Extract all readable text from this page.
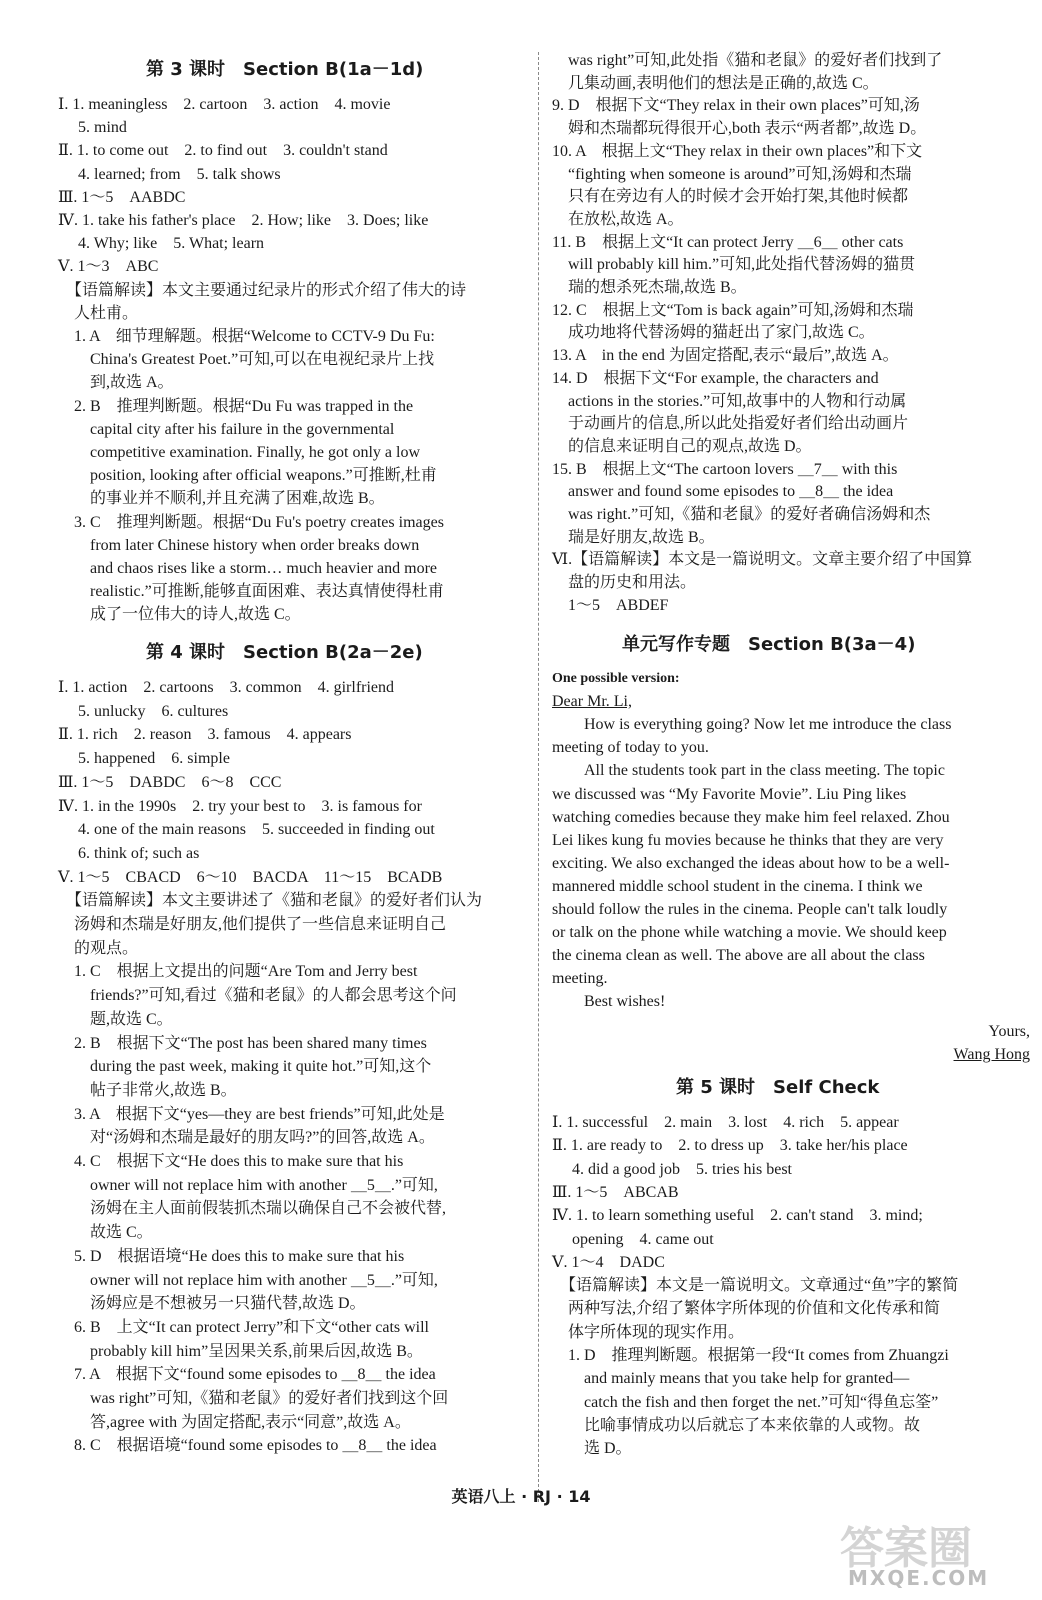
第 3 课时　Section B(1a－1d)
Ⅰ. 1. meaningless　2. cartoon　3. action　4. movie
　 5. mind
Ⅱ. 1. to come out　2. to find out　3. couldn't stand
　 4. learned; from　5. talk shows
Ⅲ. 1～5　AABDC
Ⅳ. 1. take his father's place　2. How; like　3. Does; like
　 4. Why; like　5. What; learn
Ⅴ. 1～3　ABC
　【语篇解读】本文主要通过纪录片的形式介绍了伟大的诗
　人杜甫。
　1. A　细节理解题。根据“Welcome to CCTV-9 Du Fu:
　　China's Greatest Poet.”可知,可以在电视纪录片上找
　　到,故选 A。
　2. B　推理判断题。根据“Du Fu was trapped in the
　　capital city after his failure in the governmental
　　competitive examination. Finally, he got only a low
　　position, looking after official weapons.”可推断,杜甫
　　的事业并不顺利,并且充满了困难,故选 B。
　3. C　推理判断题。根据“Du Fu's poetry creates images
　　from later Chinese history when order breaks down
　　and chaos rises like a storm… much heavier and more
　　realistic.”可推断,能够直面困难、表达真情使得杜甫
　　成了一位伟大的诗人,故选 C。
第 4 课时　Section B(2a－2e)
Ⅰ. 1. action　2. cartoons　3. common　4. girlfriend
　 5. unlucky　6. cultures
Ⅱ. 1. rich　2. reason　3. famous　4. appears
　 5. happened　6. simple
Ⅲ. 1～5　DABDC　6～8　CCC
Ⅳ. 1. in the 1990s　2. try your best to　3. is famous for
　 4. one of the main reasons　5. succeeded in finding out
　 6. think of; such as
Ⅴ. 1～5　CBACD　6～10　BACDA　11～15　BCADB
　【语篇解读】本文主要讲述了《猫和老鼠》的爱好者们认为
　汤姆和杰瑞是好朋友,他们提供了一些信息来证明自己
　的观点。
　1. C　根据上文提出的问题“Are Tom and Jerry best
　　friends?”可知,看过《猫和老鼠》的人都会思考这个问
　　题,故选 C。
　2. B　根据下文“The post has been shared many times
　　during the past week, making it quite hot.”可知,这个
　　帖子非常火,故选 B。
　3. A　根据下文“yes—they are best friends”可知,此处是
　　对“汤姆和杰瑞是最好的朋友吗?”的回答,故选 A。
　4. C　根据下文“He does this to make sure that his
　　owner will not replace him with another ＿5＿.”可知,
　　汤姆在主人面前假装抓杰瑞以确保自己不会被代替,
　　故选 C。
　5. D　根据语境“He does this to make sure that his
　　owner will not replace him with another ＿5＿.”可知,
　　汤姆应是不想被另一只猫代替,故选 D。
　6. B　上文“It can protect Jerry”和下文“other cats will
　　probably kill him”呈因果关系,前果后因,故选 B。
　7. A　根据下文“found some episodes to ＿8＿ the idea
　　was right”可知,《猫和老鼠》的爱好者们找到这个回
　　答,agree with 为固定搭配,表示“同意”,故选 A。
　8. C　根据语境“found some episodes to ＿8＿ the idea
　was right”可知,此处指《猫和老鼠》的爱好者们找到了
　几集动画,表明他们的想法是正确的,故选 C。
9. D　根据下文“They relax in their own places”可知,汤
　姆和杰瑞都玩得很开心,both 表示“两者都”,故选 D。
10. A　根据上文“They relax in their own places”和下文
　“fighting when someone is around”可知,汤姆和杰瑞
　只有在旁边有人的时候才会开始打架,其他时候都
　在放松,故选 A。
11. B　根据上文“It can protect Jerry ＿6＿ other cats
　will probably kill him.”可知,此处指代替汤姆的猫贯
　瑞的想杀死杰瑞,故选 B。
12. C　根据上文“Tom is back again”可知,汤姆和杰瑞
　成功地将代替汤姆的猫赶出了家门,故选 C。
13. A　in the end 为固定搭配,表示“最后”,故选 A。
14. D　根据下文“For example, the characters and
　actions in the stories.”可知,故事中的人物和行动属
　于动画片的信息,所以此处指爱好者们给出动画片
　的信息来证明自己的观点,故选 D。
15. B　根据上文“The cartoon lovers ＿7＿ with this
　answer and found some episodes to ＿8＿ the idea
　was right.”可知,《猫和老鼠》的爱好者确信汤姆和杰
　瑞是好朋友,故选 B。
Ⅵ.【语篇解读】本文是一篇说明文。文章主要介绍了中国算
　盘的历史和用法。
　1～5　ABDEF
单元写作专题　Section B(3a－4)
One possible version:
Dear Mr. Li,
　　How is everything going? Now let me introduce the class
meeting of today to you.
　　All the students took part in the class meeting. The topic
we discussed was “My Favorite Movie”. Liu Ping likes
watching comedies because they make him feel relaxed. Zhou
Lei likes kung fu movies because he thinks that they are very
exciting. We also exchanged the ideas about how to be a well-
mannered middle school student in the cinema. I think we
should follow the rules in the cinema. People can't talk loudly
or talk on the phone while watching a movie. We should keep
the cinema clean as well. The above are all about the class
meeting.
　　Best wishes!
Yours,
Wang Hong
第 5 课时　Self Check
Ⅰ. 1. successful　2. main　3. lost　4. rich　5. appear
Ⅱ. 1. are ready to　2. to dress up　3. take her/his place
　 4. did a good job　5. tries his best
Ⅲ. 1～5　ABCAB
Ⅳ. 1. to learn something useful　2. can't stand　3. mind;
　 opening　4. came out
Ⅴ. 1～4　DADC
　【语篇解读】本文是一篇说明文。文章通过“鱼”字的繁简
　两种写法,介绍了繁体字所体现的价值和文化传承和简
　体字所体现的现实作用。
　1. D　推理判断题。根据第一段“It comes from Zhuangzi
　　and mainly means that you take help for granted—
　　catch the fish and then forget the net.”可知“得鱼忘筌”
　　比喻事情成功以后就忘了本来依靠的人或物。故
　　选 D。
英语八上 · RJ · 14
答案圈
MXQE.COM
